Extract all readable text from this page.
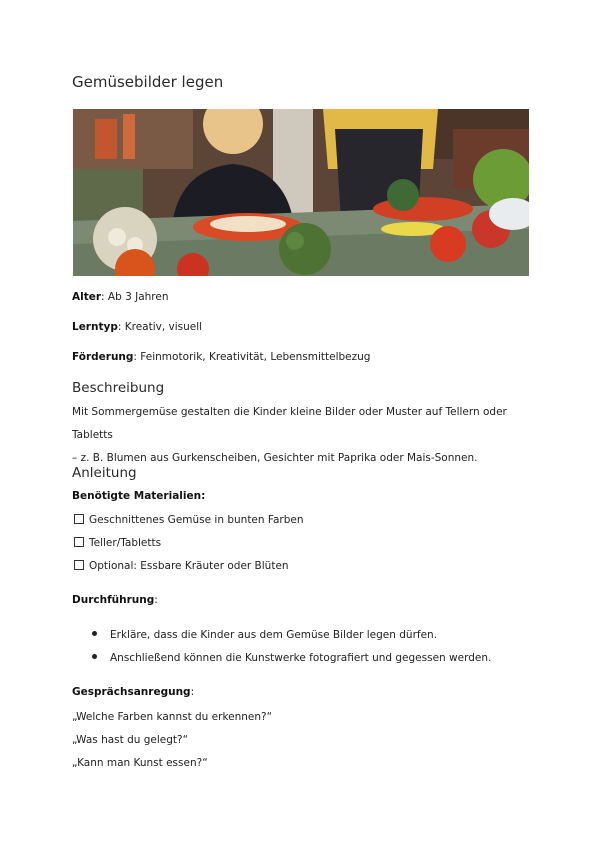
Gemüsebilder legen

Alter: Ab 3 Jahren

Lerntyp: Kreativ, visuell

Förderung: Feinmotorik, Kreativität, Lebensmittelbezug

Beschreibung

Mit Sommergemüse gestalten die Kinder kleine Bilder oder Muster auf Tellern oder Tabletts
– z. B. Blumen aus Gurkenscheiben, Gesichter mit Paprika oder Mais-Sonnen.

Anleitung

Benötigte Materialien:

Geschnittenes Gemüse in bunten Farben

Teller/Tabletts

Optional: Essbare Kräuter oder Blüten

Durchführung:

Erkläre, dass die Kinder aus dem Gemüse Bilder legen dürfen.

Anschließend können die Kunstwerke fotografiert und gegessen werden.

Gesprächsanregung:

„Welche Farben kannst du erkennen?“

„Was hast du gelegt?“

„Kann man Kunst essen?“
